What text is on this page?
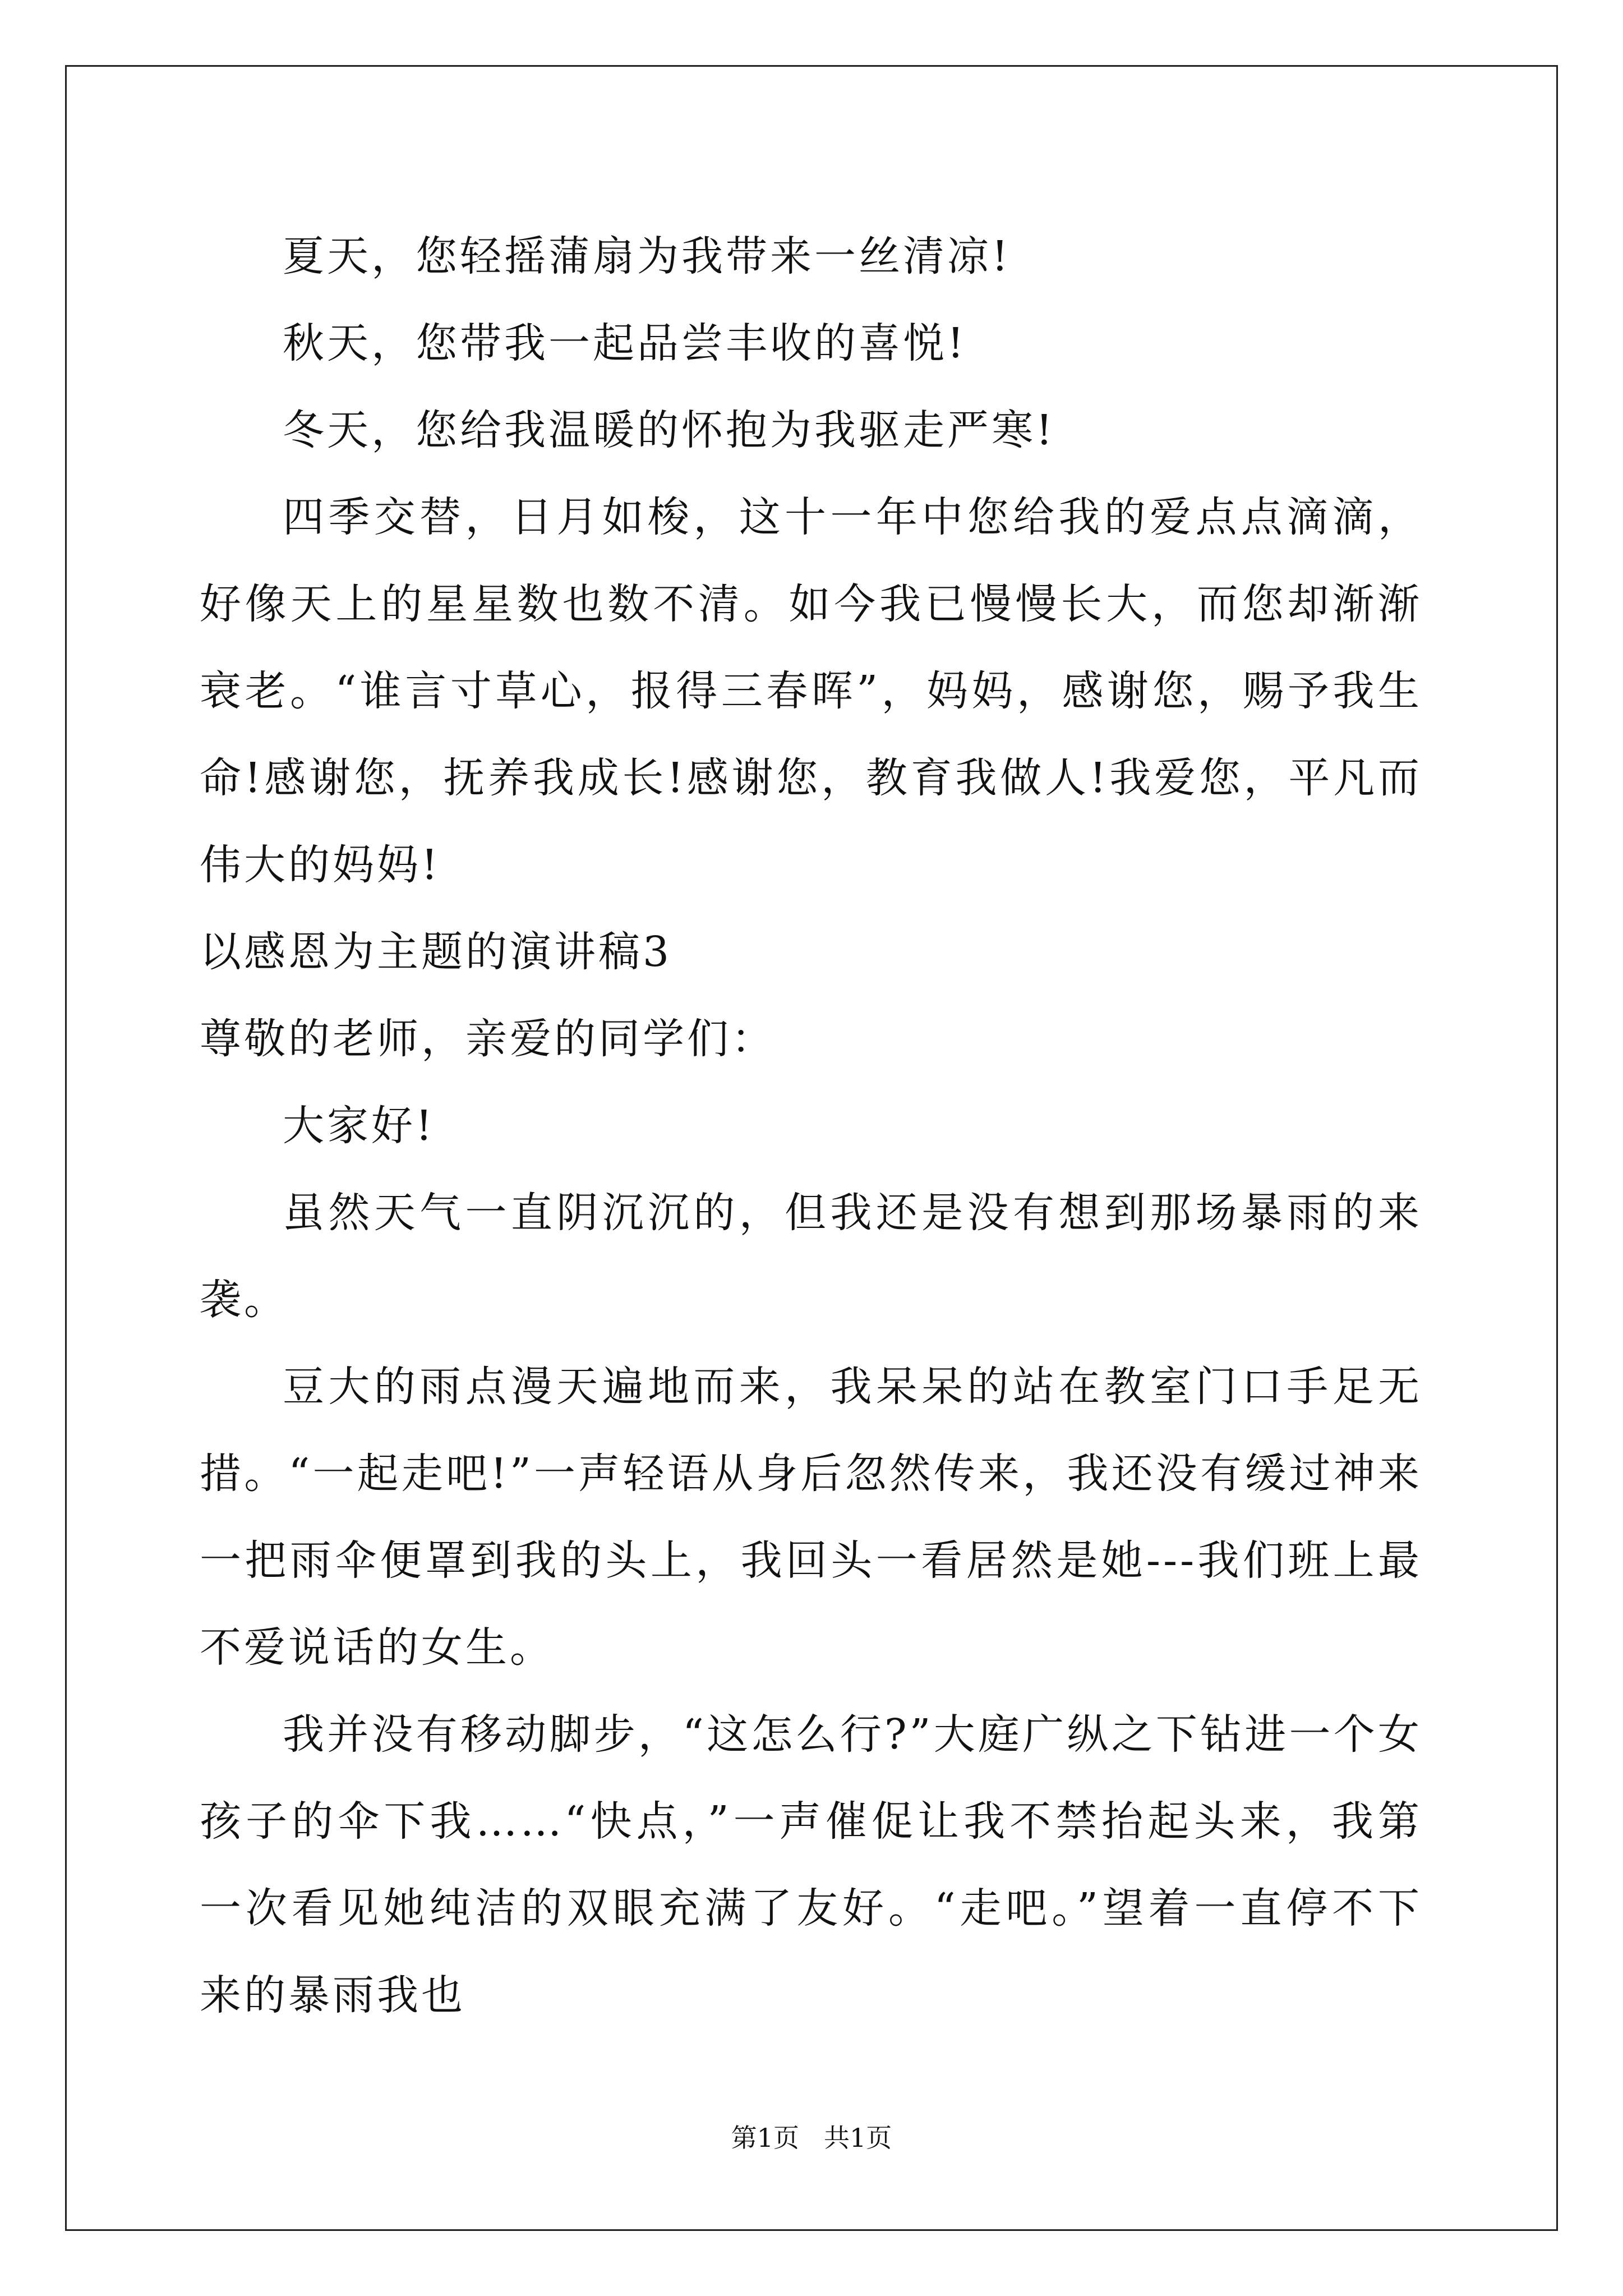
夏天，您轻摇蒲扇为我带来一丝清凉!

秋天，您带我一起品尝丰收的喜悦!

冬天，您给我温暖的怀抱为我驱走严寒!

四季交替，日月如梭，这十一年中您给我的爱点点滴滴，好像天上的星星数也数不清。如今我已慢慢长大，而您却渐渐衰老。“谁言寸草心，报得三春晖”，妈妈，感谢您，赐予我生命!感谢您，抚养我成长!感谢您，教育我做人!我爱您，平凡而伟大的妈妈!

以感恩为主题的演讲稿3

尊敬的老师，亲爱的同学们：

大家好!

虽然天气一直阴沉沉的，但我还是没有想到那场暴雨的来袭。

豆大的雨点漫天遍地而来，我呆呆的站在教室门口手足无措。“一起走吧!”一声轻语从身后忽然传来，我还没有缓过神来一把雨伞便罩到我的头上，我回头一看居然是她---我们班上最不爱说话的女生。

我并没有移动脚步，“这怎么行?”大庭广纵之下钻进一个女孩子的伞下我……“快点，”一声催促让我不禁抬起头来，我第一次看见她纯洁的双眼充满了友好。“走吧。”望着一直停不下来的暴雨我也

第1页 共1页
